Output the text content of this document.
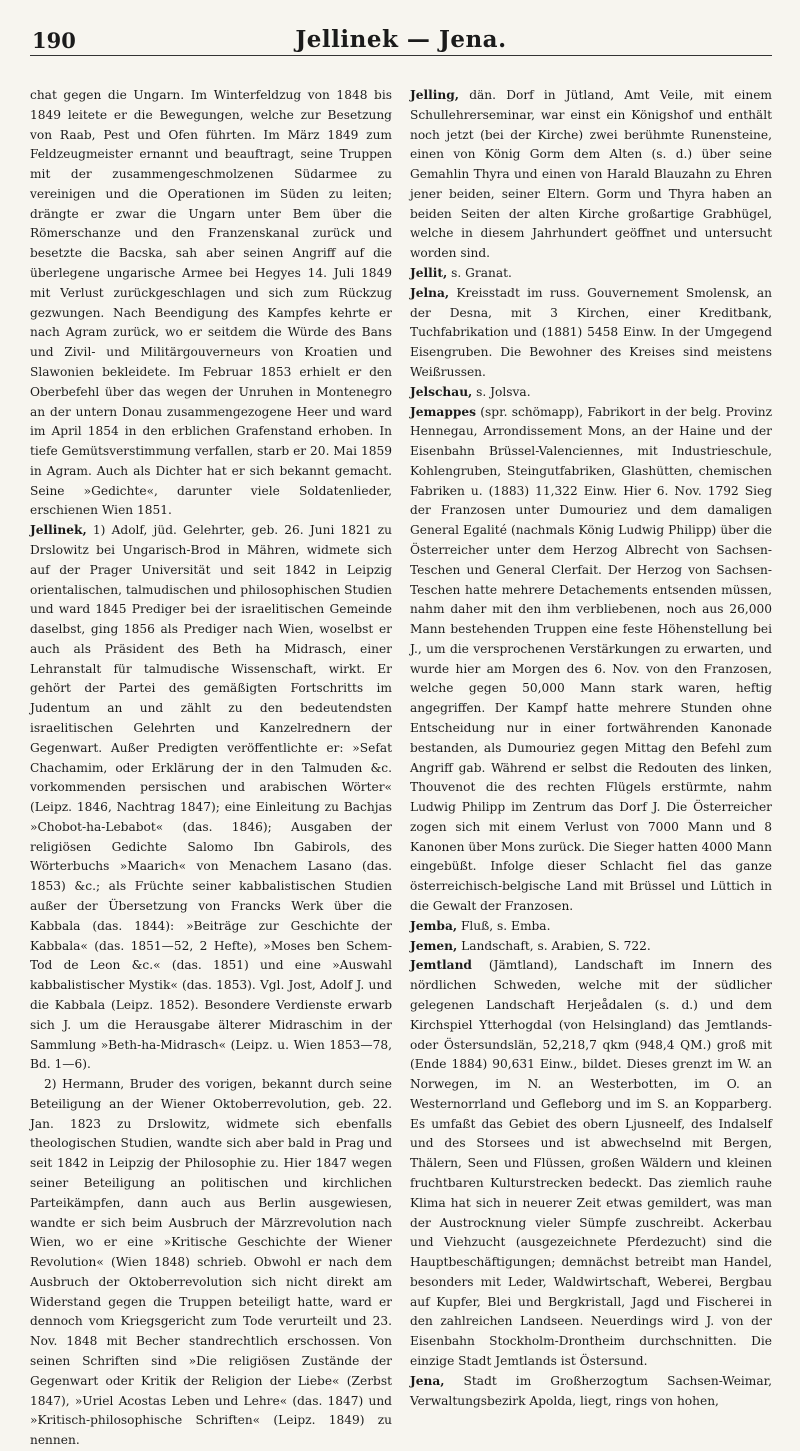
190	Jellinek — Jena.

chat gegen die Ungarn. Im Winterfeldzug von 1848 bis 1849 leitete er die Bewegungen, welche zur Besetzung von Raab, Pest und Ofen führten. Im März 1849 zum Feldzeugmeister ernannt und beauftragt, seine Truppen mit der zusammengeschmolzenen Südarmee zu vereinigen und die Operationen im Süden zu leiten; drängte er zwar die Ungarn unter Bem über die Römerschanze und den Franzenskanal zurück und besetzte die Bacska, sah aber seinen Angriff auf die überlegene ungarische Armee bei Hegyes 14. Juli 1849 mit Verlust zurückgeschlagen und sich zum Rückzug gezwungen. Nach Beendigung des Kampfes kehrte er nach Agram zurück, wo er seitdem die Würde des Bans und Zivil- und Militärgouverneurs von Kroatien und Slawonien bekleidete. Im Februar 1853 erhielt er den Oberbefehl über das wegen der Unruhen in Montenegro an der untern Donau zusammengezogene Heer und ward im April 1854 in den erblichen Grafenstand erhoben. In tiefe Gemütsverstimmung verfallen, starb er 20. Mai 1859 in Agram. Auch als Dichter hat er sich bekannt gemacht. Seine »Gedichte«, darunter viele Soldatenlieder, erschienen Wien 1851.

Jellinek, 1) Adolf, jüd. Gelehrter, geb. 26. Juni 1821 zu Drslowitz bei Ungarisch-Brod in Mähren, widmete sich auf der Prager Universität und seit 1842 in Leipzig orientalischen, talmudischen und philosophischen Studien und ward 1845 Prediger bei der israelitischen Gemeinde daselbst, ging 1856 als Prediger nach Wien, woselbst er auch als Präsident des Beth ha Midrasch, einer Lehranstalt für talmudische Wissenschaft, wirkt. Er gehört der Partei des gemäßigten Fortschritts im Judentum an und zählt zu den bedeutendsten israelitischen Gelehrten und Kanzelrednern der Gegenwart. Außer Predigten veröffentlichte er: »Sefat Chachamim, oder Erklärung der in den Talmuden &c. vorkommenden persischen und arabischen Wörter« (Leipz. 1846, Nachtrag 1847); eine Einleitung zu Bachjas »Chobot-ha-Lebabot« (das. 1846); Ausgaben der religiösen Gedichte Salomo Ibn Gabirols, des Wörterbuchs »Maarich« von Menachem Lasano (das. 1853) &c.; als Früchte seiner kabbalistischen Studien außer der Übersetzung von Francks Werk über die Kabbala (das. 1844): »Beiträge zur Geschichte der Kabbala« (das. 1851—52, 2 Hefte), »Moses ben Schem-Tod de Leon &c.« (das. 1851) und eine »Auswahl kabbalistischer Mystik« (das. 1853). Vgl. Jost, Adolf J. und die Kabbala (Leipz. 1852). Besondere Verdienste erwarb sich J. um die Herausgabe älterer Midraschim in der Sammlung »Beth-ha-Midrasch« (Leipz. u. Wien 1853—78, Bd. 1—6).

2) Hermann, Bruder des vorigen, bekannt durch seine Beteiligung an der Wiener Oktoberrevolution, geb. 22. Jan. 1823 zu Drslowitz, widmete sich ebenfalls theologischen Studien, wandte sich aber bald in Prag und seit 1842 in Leipzig der Philosophie zu. Hier 1847 wegen seiner Beteiligung an politischen und kirchlichen Parteikämpfen, dann auch aus Berlin ausgewiesen, wandte er sich beim Ausbruch der Märzrevolution nach Wien, wo er eine »Kritische Geschichte der Wiener Revolution« (Wien 1848) schrieb. Obwohl er nach dem Ausbruch der Oktoberrevolution sich nicht direkt am Widerstand gegen die Truppen beteiligt hatte, ward er dennoch vom Kriegsgericht zum Tode verurteilt und 23. Nov. 1848 mit Becher standrechtlich erschossen. Von seinen Schriften sind »Die religiösen Zustände der Gegenwart oder Kritik der Religion der Liebe« (Zerbst 1847), »Uriel Acostas Leben und Lehre« (das. 1847) und »Kritisch-philosophische Schriften« (Leipz. 1849) zu nennen.

Jelling, dän. Dorf in Jütland, Amt Veile, mit einem Schullehrerseminar, war einst ein Königshof und enthält noch jetzt (bei der Kirche) zwei berühmte Runensteine, einen von König Gorm dem Alten (s. d.) über seine Gemahlin Thyra und einen von Harald Blauzahn zu Ehren jener beiden, seiner Eltern. Gorm und Thyra haben an beiden Seiten der alten Kirche großartige Grabhügel, welche in diesem Jahrhundert geöffnet und untersucht worden sind.

Jellit, s. Granat.

Jelna, Kreisstadt im russ. Gouvernement Smolensk, an der Desna, mit 3 Kirchen, einer Kreditbank, Tuchfabrikation und (1881) 5458 Einw. In der Umgegend Eisengruben. Die Bewohner des Kreises sind meistens Weißrussen.

Jelschau, s. Jolsva.

Jemappes (spr. schömapp), Fabrikort in der belg. Provinz Hennegau, Arrondissement Mons, an der Haine und der Eisenbahn Brüssel-Valenciennes, mit Industrieschule, Kohlengruben, Steingutfabriken, Glashütten, chemischen Fabriken u. (1883) 11,322 Einw. Hier 6. Nov. 1792 Sieg der Franzosen unter Dumouriez und dem damaligen General Egalité (nachmals König Ludwig Philipp) über die Österreicher unter dem Herzog Albrecht von Sachsen-Teschen und General Clerfait. Der Herzog von Sachsen-Teschen hatte mehrere Detachements entsenden müssen, nahm daher mit den ihm verbliebenen, noch aus 26,000 Mann bestehenden Truppen eine feste Höhenstellung bei J., um die versprochenen Verstärkungen zu erwarten, und wurde hier am Morgen des 6. Nov. von den Franzosen, welche gegen 50,000 Mann stark waren, heftig angegriffen. Der Kampf hatte mehrere Stunden ohne Entscheidung nur in einer fortwährenden Kanonade bestanden, als Dumouriez gegen Mittag den Befehl zum Angriff gab. Während er selbst die Redouten des linken, Thouvenot die des rechten Flügels erstürmte, nahm Ludwig Philipp im Zentrum das Dorf J. Die Österreicher zogen sich mit einem Verlust von 7000 Mann und 8 Kanonen über Mons zurück. Die Sieger hatten 4000 Mann eingebüßt. Infolge dieser Schlacht fiel das ganze österreichisch-belgische Land mit Brüssel und Lüttich in die Gewalt der Franzosen.

Jemba, Fluß, s. Emba.

Jemen, Landschaft, s. Arabien, S. 722.

Jemtland (Jämtland), Landschaft im Innern des nördlichen Schweden, welche mit der südlicher gelegenen Landschaft Herjeådalen (s. d.) und dem Kirchspiel Ytterhogdal (von Helsingland) das Jemtlands- oder Östersundslän, 52,218,7 qkm (948,4 QM.) groß mit (Ende 1884) 90,631 Einw., bildet. Dieses grenzt im W. an Norwegen, im N. an Westerbotten, im O. an Westernorrland und Gefleborg und im S. an Kopparberg. Es umfaßt das Gebiet des obern Ljusneelf, des Indalself und des Storsees und ist abwechselnd mit Bergen, Thälern, Seen und Flüssen, großen Wäldern und kleinen fruchtbaren Kulturstrecken bedeckt. Das ziemlich rauhe Klima hat sich in neuerer Zeit etwas gemildert, was man der Austrocknung vieler Sümpfe zuschreibt. Ackerbau und Viehzucht (ausgezeichnete Pferdezucht) sind die Hauptbeschäftigungen; demnächst betreibt man Handel, besonders mit Leder, Waldwirtschaft, Weberei, Bergbau auf Kupfer, Blei und Bergkristall, Jagd und Fischerei in den zahlreichen Landseen. Neuerdings wird J. von der Eisenbahn Stockholm-Drontheim durchschnitten. Die einzige Stadt Jemtlands ist Östersund.

Jena, Stadt im Großherzogtum Sachsen-Weimar, Verwaltungsbezirk Apolda, liegt, rings von hohen,
